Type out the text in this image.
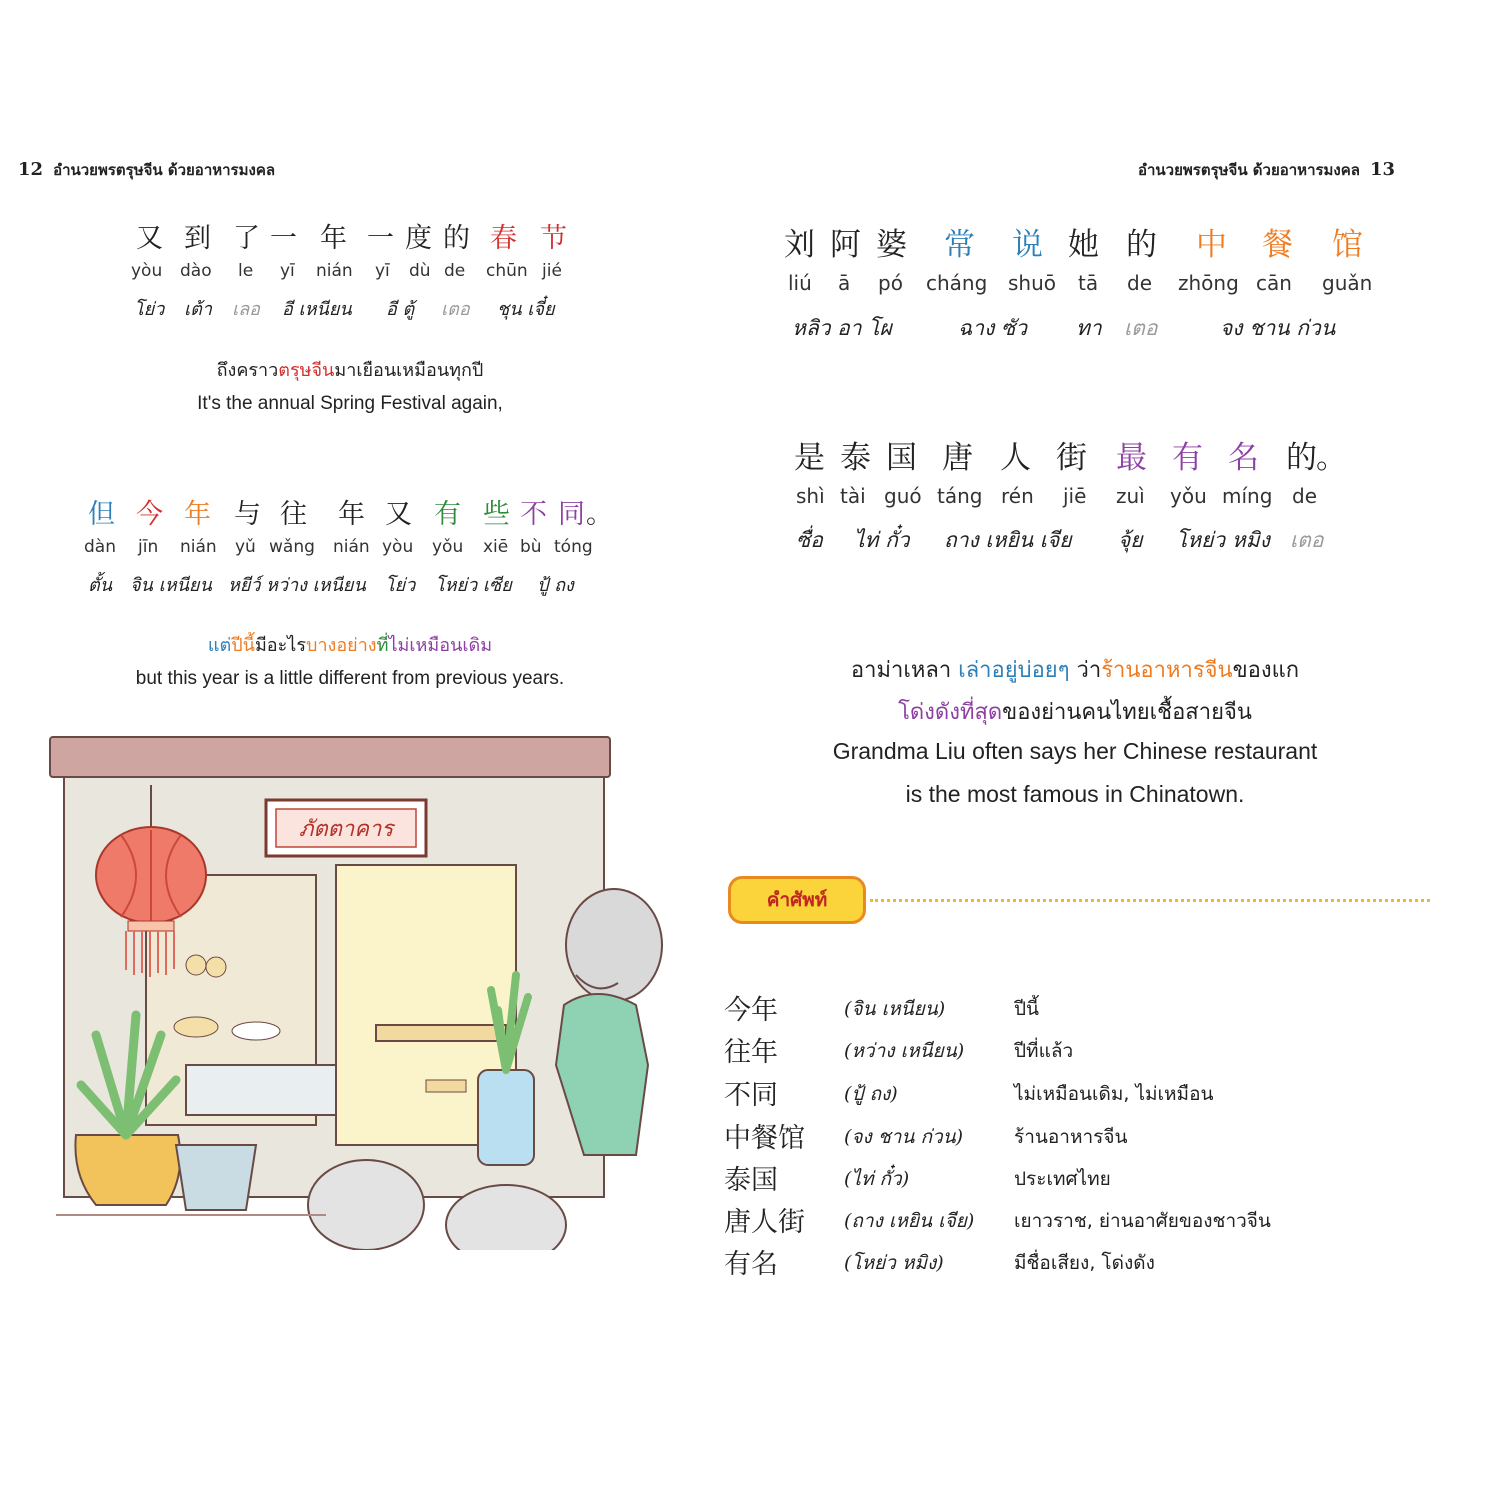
12 อำนวยพรตรุษจีน ด้วยอาหารมงคล	อำนวยพรตรุษจีน ด้วยอาหารมงคล 13
又 到 了 一 年 一 度 的 春 节
yòu dào le yī nián yī dù de chūn jié
โย่ว เต้า เลอ อี เหนียน อี ตู้ เตอ ชุน เจี๋ย
ถึงคราวตรุษจีนมาเยือนเหมือนทุกปี
It's the annual Spring Festival again,
但 今 年 与 往 年 又 有 些 不 同 。
dàn jīn nián yǔ wǎng nián yòu yǒu xiē bù tóng
ตั้น จิน เหนียน หยีว์ หว่าง เหนียน โย่ว โหย่ว เซีย ปู้ ถง
แต่ปีนี้มีอะไรบางอย่างที่ไม่เหมือนเดิม
but this year is a little different from previous years.
ภัตตาคาร
刘 阿 婆 常 说 她 的 中 餐 馆
liú ā pó cháng shuō tā de zhōng cān guǎn
หลิว อา โผ	ฉาง ซัว ทา เตอ	จง ชาน ก่วน
是 泰 国 唐 人 街 最 有 名 的 。
shì tài guó táng rén jiē zuì yǒu míng de
ซื่อ ไท่ กั๋ว ถาง เหยิน เจีย จุ้ย โหย่ว หมิง เตอ
อาม่าเหลา เล่าอยู่บ่อยๆ ว่าร้านอาหารจีนของแก
โด่งดังที่สุดของย่านคนไทยเชื้อสายจีน
Grandma Liu often says her Chinese restaurant
is the most famous in Chinatown.
คำศัพท์
今年	(จิน เหนียน)	ปีนี้
往年	(หว่าง เหนียน)	ปีที่แล้ว
不同	(ปู้ ถง)	ไม่เหมือนเดิม, ไม่เหมือน
中餐馆 (จง ชาน ก่วน)	ร้านอาหารจีน
泰国	(ไท่ กั๋ว)	ประเทศไทย
唐人街 (ถาง เหยิน เจีย) เยาวราช, ย่านอาศัยของชาวจีน
有名	(โหย่ว หมิง)	มีชื่อเสียง, โด่งดัง
